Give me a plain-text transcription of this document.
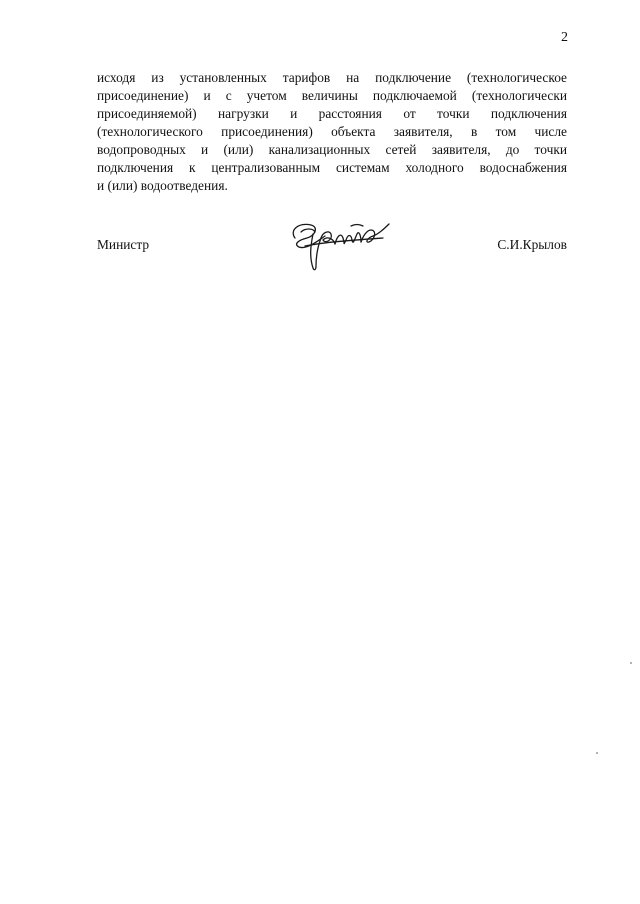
2
исходя из установленных тарифов на подключение (технологическое
присоединение) и с учетом величины подключаемой (технологически
присоединяемой) нагрузки и расстояния от точки подключения
(технологического присоединения) объекта заявителя, в том числе
водопроводных и (или) канализационных сетей заявителя, до точки
подключения к централизованным системам холодного водоснабжения
и (или) водоотведения.
Министр	С.И.Крылов
